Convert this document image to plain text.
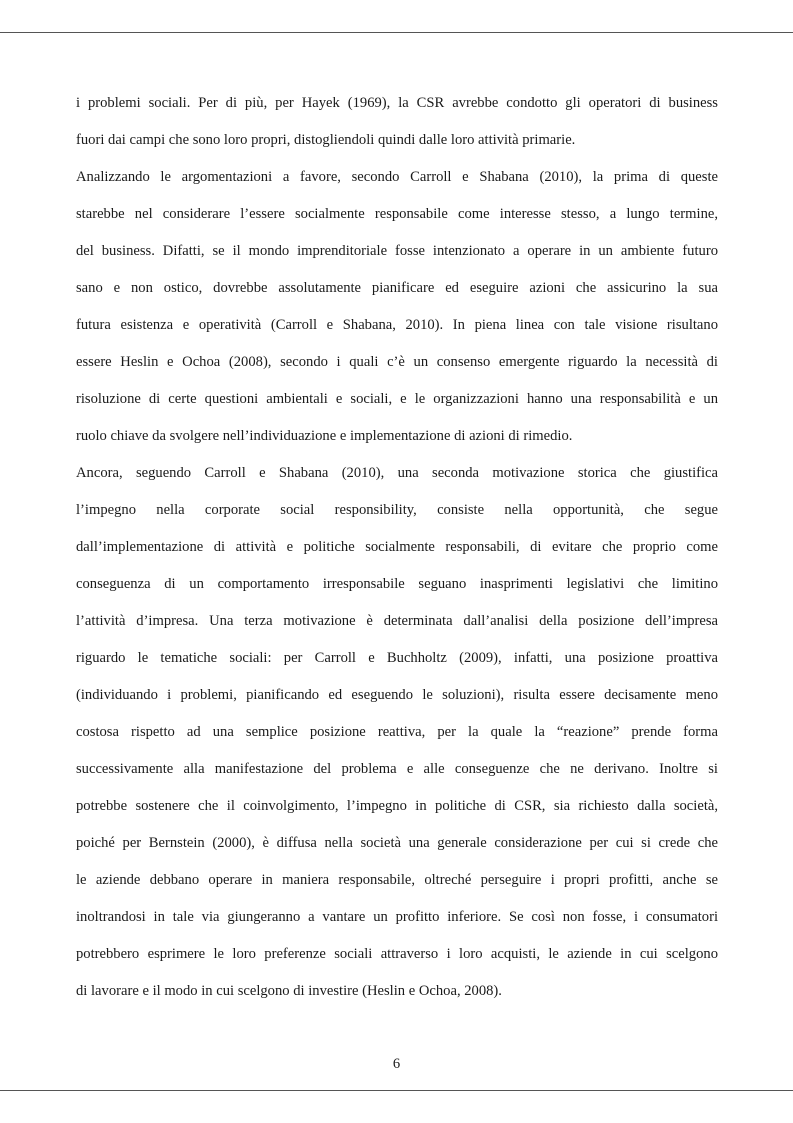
i problemi sociali. Per di più, per Hayek (1969), la CSR avrebbe condotto gli operatori di business
fuori dai campi che sono loro propri, distogliendoli quindi dalle loro attività primarie.

Analizzando le argomentazioni a favore, secondo Carroll e Shabana (2010), la prima di queste
starebbe nel considerare l’essere socialmente responsabile come interesse stesso, a lungo termine,
del business. Difatti, se il mondo imprenditoriale fosse intenzionato a operare in un ambiente futuro
sano e non ostico, dovrebbe assolutamente pianificare ed eseguire azioni che assicurino la sua
futura esistenza e operatività (Carroll e Shabana, 2010). In piena linea con tale visione risultano
essere Heslin e Ochoa (2008), secondo i quali c’è un consenso emergente riguardo la necessità di
risoluzione di certe questioni ambientali e sociali, e le organizzazioni hanno una responsabilità e un
ruolo chiave da svolgere nell’individuazione e implementazione di azioni di rimedio.

Ancora, seguendo Carroll e Shabana (2010), una seconda motivazione storica che giustifica
l’impegno nella corporate social responsibility, consiste nella opportunità, che segue
dall’implementazione di attività e politiche socialmente responsabili, di evitare che proprio come
conseguenza di un comportamento irresponsabile seguano inasprimenti legislativi che limitino
l’attività d’impresa. Una terza motivazione è determinata dall’analisi della posizione dell’impresa
riguardo le tematiche sociali: per Carroll e Buchholtz (2009), infatti, una posizione proattiva
(individuando i problemi, pianificando ed eseguendo le soluzioni), risulta essere decisamente meno
costosa rispetto ad una semplice posizione reattiva, per la quale la “reazione” prende forma
successivamente alla manifestazione del problema e alle conseguenze che ne derivano. Inoltre si
potrebbe sostenere che il coinvolgimento, l’impegno in politiche di CSR, sia richiesto dalla società,
poiché per Bernstein (2000), è diffusa nella società una generale considerazione per cui si crede che
le aziende debbano operare in maniera responsabile, oltreché perseguire i propri profitti, anche se
inoltrandosi in tale via giungeranno a vantare un profitto inferiore. Se così non fosse, i consumatori
potrebbero esprimere le loro preferenze sociali attraverso i loro acquisti, le aziende in cui scelgono
di lavorare e il modo in cui scelgono di investire (Heslin e Ochoa, 2008).

6
